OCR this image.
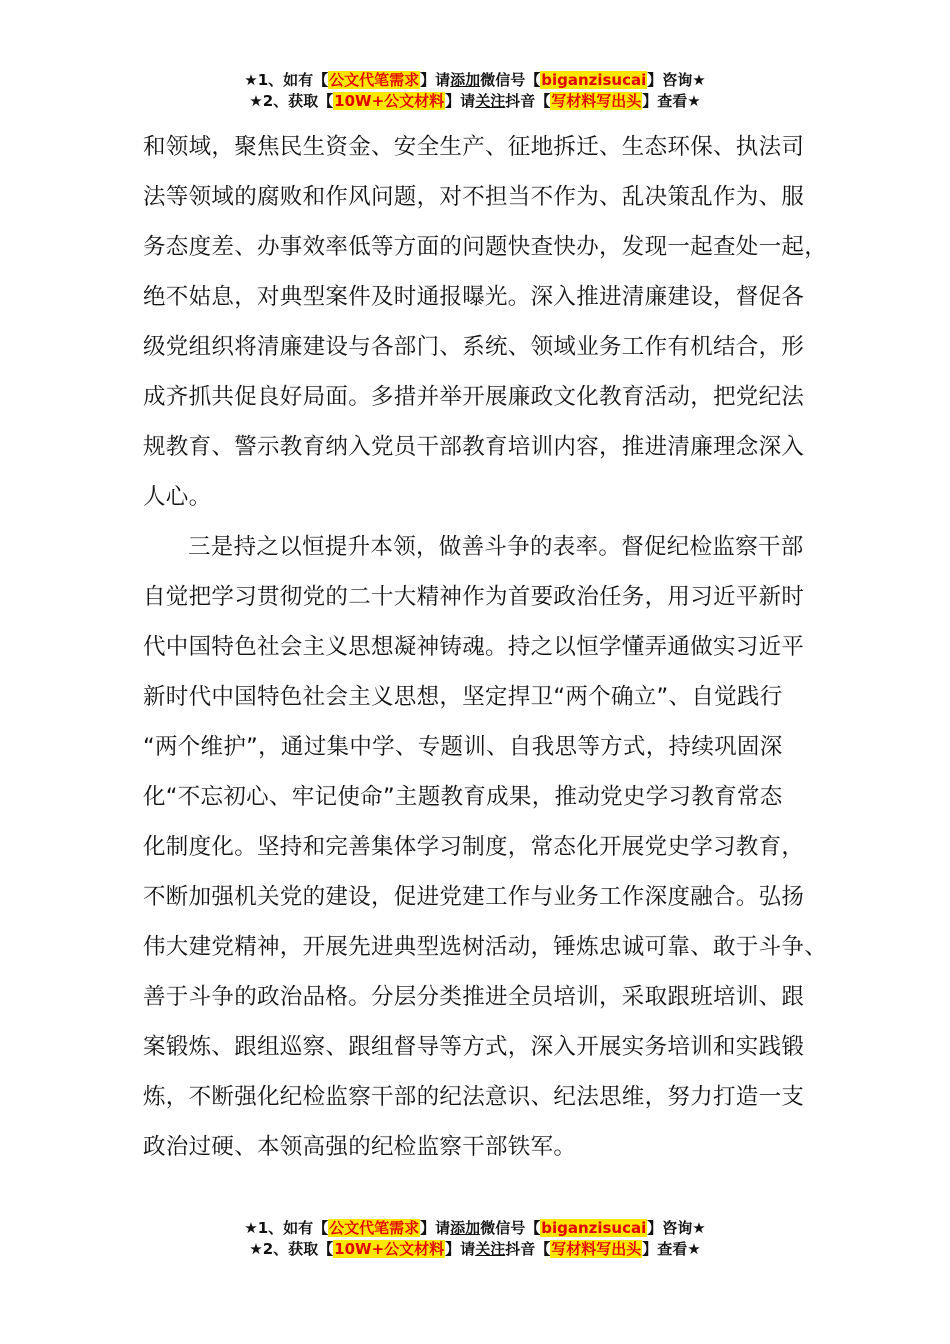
★1、如有【公文代笔需求】请添加微信号【biganzisucai】咨询★
★2、获取【10W+公文材料】请关注抖音【写材料写出头】查看★

和领域，聚焦民生资金、安全生产、征地拆迁、生态环保、执法司
法等领域的腐败和作风问题，对不担当不作为、乱决策乱作为、服
务态度差、办事效率低等方面的问题快查快办，发现一起查处一起，
绝不姑息，对典型案件及时通报曝光。深入推进清廉建设，督促各
级党组织将清廉建设与各部门、系统、领域业务工作有机结合，形
成齐抓共促良好局面。多措并举开展廉政文化教育活动，把党纪法
规教育、警示教育纳入党员干部教育培训内容，推进清廉理念深入
人心。

三是持之以恒提升本领，做善斗争的表率。督促纪检监察干部
自觉把学习贯彻党的二十大精神作为首要政治任务，用习近平新时
代中国特色社会主义思想凝神铸魂。持之以恒学懂弄通做实习近平
新时代中国特色社会主义思想，坚定捍卫“两个确立”、自觉践行
“两个维护”，通过集中学、专题训、自我思等方式，持续巩固深
化“不忘初心、牢记使命”主题教育成果，推动党史学习教育常态
化制度化。坚持和完善集体学习制度，常态化开展党史学习教育，
不断加强机关党的建设，促进党建工作与业务工作深度融合。弘扬
伟大建党精神，开展先进典型选树活动，锤炼忠诚可靠、敢于斗争、
善于斗争的政治品格。分层分类推进全员培训，采取跟班培训、跟
案锻炼、跟组巡察、跟组督导等方式，深入开展实务培训和实践锻
炼，不断强化纪检监察干部的纪法意识、纪法思维，努力打造一支
政治过硬、本领高强的纪检监察干部铁军。

★1、如有【公文代笔需求】请添加微信号【biganzisucai】咨询★
★2、获取【10W+公文材料】请关注抖音【写材料写出头】查看★
